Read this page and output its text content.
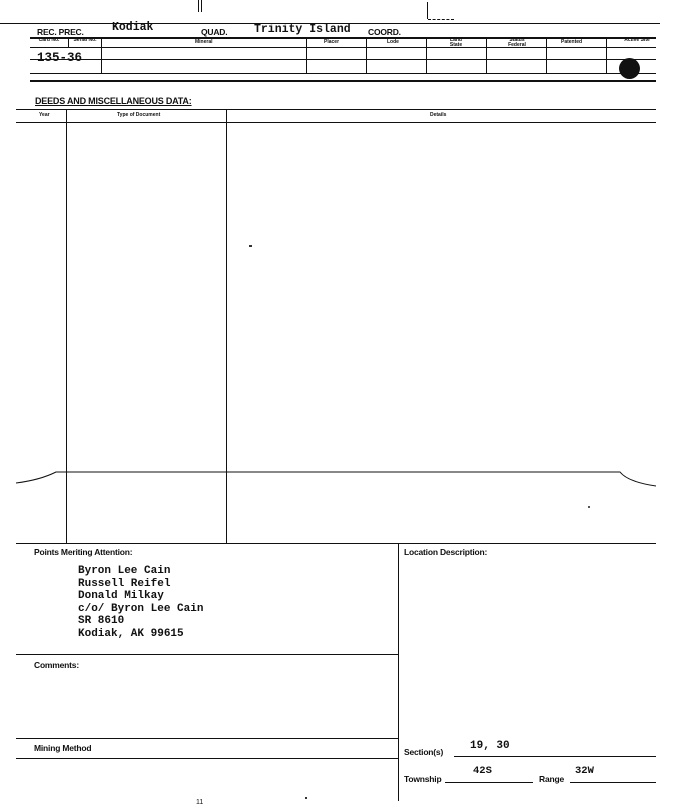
REC. PREC. Kodiak	QUAD. Trinity Island COORD.
Card No.	Serial No.	Mineral	Placer	Lode	Land State
Status Federal	Patented	Active Site
135-36
DEEDS AND MISCELLANEOUS DATA:
Year	Type of Document	Details
Points Meriting Attention:
Byron Lee Cain
Russell Reifel
Donald Milkay
c/o/ Byron Lee Cain
SR 8610
Kodiak, AK 99615
Location Description:
Comments:
Mining Method	Section(s) 19, 30
Township
42S
Range
32W
11
